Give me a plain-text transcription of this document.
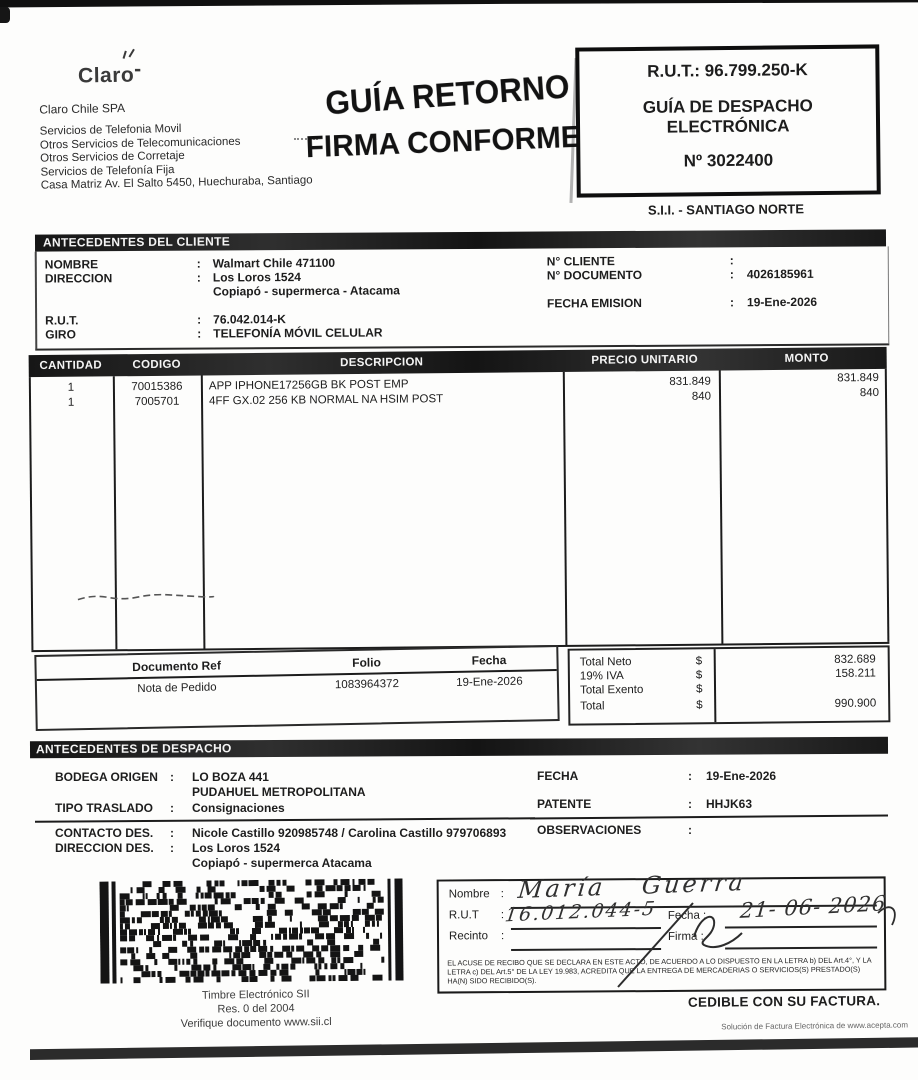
Claro-
Claro Chile SPA
Servicios de Telefonia Movil
Otros Servicios de Telecomunicaciones
Otros Servicios de Corretaje
Servicios de Telefonía Fija
Casa Matriz Av. El Salto 5450, Huechuraba, Santiago
GUÍA RETORNO
FIRMA CONFORME
R.U.T.: 96.799.250-K
GUÍA DE DESPACHO
ELECTRÓNICA
Nº 3022400
S.I.I. - SANTIAGO NORTE
ANTECEDENTES DEL CLIENTE
NOMBRE	: Walmart Chile 471100
DIRECCION	: Los Loros 1524
Copiapó - supermerca - Atacama
R.U.T.	: 76.042.014-K
GIRO	: TELEFONÍA MÓVIL CELULAR
N° CLIENTE	:
N° DOCUMENTO	: 4026185961
FECHA EMISION	: 19-Ene-2026
CANTIDAD	CODIGO	DESCRIPCION	PRECIO UNITARIO	MONTO
1	70015386	APP IPHONE17256GB BK POST EMP	831.849	831.849
1	7005701	4FF GX.02 256 KB NORMAL NA HSIM POST	840	840
Documento Ref	Folio	Fecha
Nota de Pedido	1083964372	19-Ene-2026
Total Neto	$	832.689
19% IVA	$	158.211
Total Exento	$
Total	$	990.900
ANTECEDENTES DE DESPACHO
BODEGA ORIGEN : LO BOZA 441
PUDAHUEL METROPOLITANA
TIPO TRASLADO : Consignaciones
CONTACTO DES. : Nicole Castillo 920985748 / Carolina Castillo 979706893
DIRECCION DES. : Los Loros 1524
Copiapó - supermerca Atacama
FECHA	: 19-Ene-2026
PATENTE	: HHJK63
OBSERVACIONES	:
Timbre Electrónico SII
Res. 0 del 2004
Verifique documento www.sii.cl
Nombre :
R.U.T :	Fecha :
Recinto :	Firma :
EL ACUSE DE RECIBO QUE SE DECLARA EN ESTE ACTO, DE ACUERDO A LO DISPUESTO EN LA LETRA b) DEL Art.4°, Y LA LETRA c) DEL Art.5° DE LA LEY 19.983, ACREDITA QUE LA ENTREGA DE MERCADERIAS O SERVICIOS(S) PRESTADO(S) HA(N) SIDO RECIBIDO(S).
María Guerra
16.012.044-5	21- 06- 2026
CEDIBLE CON SU FACTURA.
Solución de Factura Electrónica de www.acepta.com
